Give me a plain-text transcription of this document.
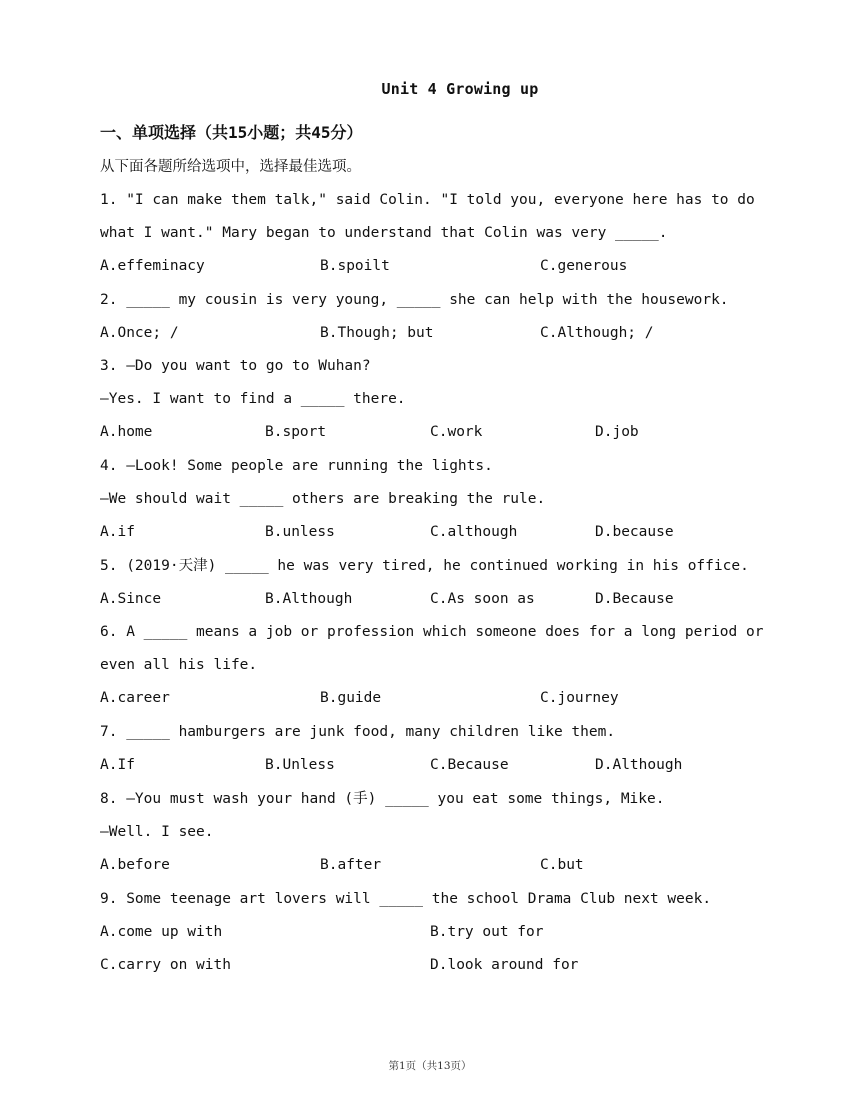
Unit 4 Growing up
一、单项选择（共15小题；共45分）
从下面各题所给选项中，选择最佳选项。
1. "I can make them talk," said Colin. "I told you, everyone here has to do
what I want." Mary began to understand that Colin was very _____.
A.effeminacy	B.spoilt	C.generous
2. _____ my cousin is very young, _____ she can help with the housework.
A.Once; /	B.Though; but	C.Although; /
3. —Do you want to go to Wuhan?
—Yes. I want to find a _____ there.
A.home	B.sport	C.work	D.job
4. —Look! Some people are running the lights.
—We should wait _____ others are breaking the rule.
A.if	B.unless	C.although	D.because
5. (2019·天津) _____ he was very tired, he continued working in his office.
A.Since	B.Although	C.As soon as	D.Because
6. A _____ means a job or profession which someone does for a long period or
even all his life.
A.career	B.guide	C.journey
7. _____ hamburgers are junk food, many children like them.
A.If	B.Unless	C.Because	D.Although
8. —You must wash your hand (手) _____ you eat some things, Mike.
—Well. I see.
A.before	B.after	C.but
9. Some teenage art lovers will _____ the school Drama Club next week.
A.come up with	B.try out for
C.carry on with	D.look around for
第1页（共13页）
